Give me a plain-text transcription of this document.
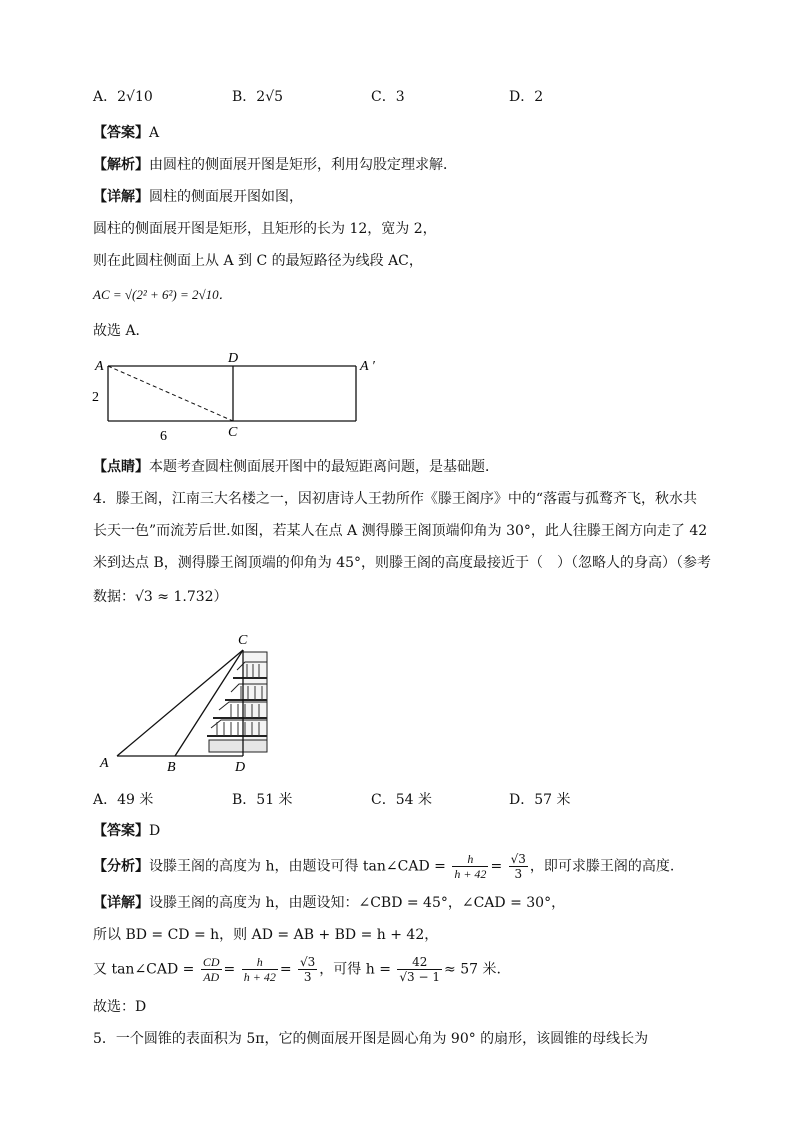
A．2√10	B．2√5	C．3	D．2
【答案】A
【解析】由圆柱的侧面展开图是矩形，利用勾股定理求解．
【详解】圆柱的侧面展开图如图，
圆柱的侧面展开图是矩形，且矩形的长为 12，宽为 2，
则在此圆柱侧面上从 A 到 C 的最短路径为线段 AC，
AC = √(2² + 6²) = 2√10．
故选 A．
A
D
A ′
2
6	C
【点睛】本题考查圆柱侧面展开图中的最短距离问题，是基础题．
4．滕王阁，江南三大名楼之一，因初唐诗人王勃所作《滕王阁序》中的“落霞与孤鹜齐飞，秋水共
长天一色”而流芳后世.如图，若某人在点 A 测得滕王阁顶端仰角为 30°，此人往滕王阁方向走了 42
米到达点 B，测得滕王阁顶端的仰角为 45°，则滕王阁的高度最接近于（　）（忽略人的身高）（参考
数据：√3 ≈ 1.732）
C
A	B	D
A．49 米	B．51 米	C．54 米	D．57 米
【答案】D
【分析】设滕王阁的高度为 h，由题设可得 tan∠CAD = $\frac{h}{h + 42} = \frac{√3}{3}$ ，即可求滕王阁的高度.
【详解】设滕王阁的高度为 h，由题设知：∠CBD = 45°，∠CAD = 30°，
所以 BD = CD = h，则 AD = AB + BD = h + 42，
又 tan∠CAD = $\frac{CD}{AD} = \frac{h}{h + 42} = \frac{√3}{3}$ ，可得 $h = \frac{42}{√3 - 1} \approx 57$ 米.
故选：D
5．一个圆锥的表面积为 5π，它的侧面展开图是圆心角为 90° 的扇形，该圆锥的母线长为
